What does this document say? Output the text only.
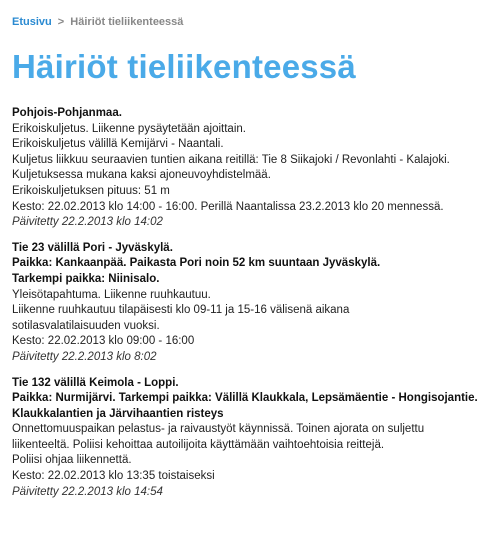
Etusivu > Häiriöt tieliikenteessä
Häiriöt tieliikenteessä
Pohjois-Pohjanmaa.
Erikoiskuljetus. Liikenne pysäytetään ajoittain.
Erikoiskuljetus välillä Kemijärvi - Naantali.
Kuljetus liikkuu seuraavien tuntien aikana reitillä: Tie 8 Siikajoki / Revonlahti - Kalajoki.
Kuljetuksessa mukana kaksi ajoneuvoyhdistelmää.
Erikoiskuljetuksen pituus: 51 m
Kesto: 22.02.2013 klo 14:00 - 16:00. Perillä Naantalissa 23.2.2013 klo 20 mennessä.
Päivitetty 22.2.2013 klo 14:02
Tie 23 välillä Pori - Jyväskylä.
Paikka: Kankaanpää. Paikasta Pori noin 52 km suuntaan Jyväskylä.
Tarkempi paikka: Niinisalo.
Yleisötapahtuma. Liikenne ruuhkautuu.
Liikenne ruuhkautuu tilapäisesti klo 09-11 ja 15-16 välisenä aikana
sotilasvalatilaisuuden vuoksi.
Kesto: 22.02.2013 klo 09:00 - 16:00
Päivitetty 22.2.2013 klo 8:02
Tie 132 välillä Keimola - Loppi.
Paikka: Nurmijärvi. Tarkempi paikka: Välillä Klaukkala, Lepsämäentie - Hongisojantie.
Klaukkalantien ja Järvihaantien risteys
Onnettomuuspaikan pelastus- ja raivaustyöt käynnissä. Toinen ajorata on suljettu
liikenteeltä. Poliisi kehoittaa autoilijoita käyttämään vaihtoehtoisia reittejä.
Poliisi ohjaa liikennettä.
Kesto: 22.02.2013 klo 13:35 toistaiseksi
Päivitetty 22.2.2013 klo 14:54
